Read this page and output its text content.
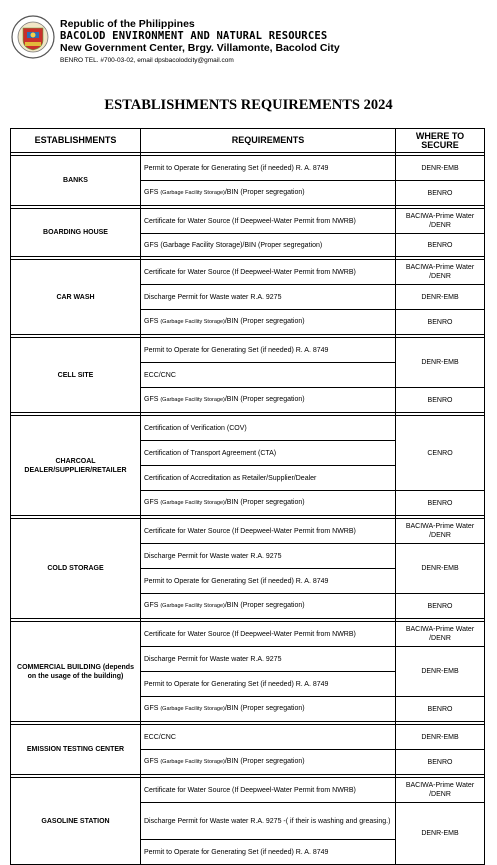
Republic of the Philippines
BACOLOD ENVIRONMENT AND NATURAL RESOURCES
New Government Center, Brgy. Villamonte, Bacolod City
BENRO TEL. #700-03-02, email dpsbacolodcity@gmail.com
ESTABLISHMENTS REQUIREMENTS 2024
ESTABLISHMENTS	REQUIREMENTS	WHERE TO SECURE

BANKS	Permit to Operate for Generating Set (if needed) R. A. 8749	DENR-EMB
	GFS (Garbage Facility Storage)/BIN (Proper segregation)	BENRO

BOARDING HOUSE	Certificate for Water Source (If Deepweel-Water Permit from NWRB)	BACIWA-Prime Water /DENR
	GFS (Garbage Facility Storage)/BIN (Proper segregation)	BENRO

CAR WASH	Certificate for Water Source (If Deepweel-Water Permit from NWRB)	BACIWA-Prime Water /DENR
	Discharge Permit for Waste water R.A. 9275	DENR-EMB
	GFS (Garbage Facility Storage)/BIN (Proper segregation)	BENRO

CELL SITE	Permit to Operate for Generating Set (if needed) R. A. 8749	DENR-EMB
	ECC/CNC	
	GFS (Garbage Facility Storage)/BIN (Proper segregation)	BENRO

CHARCOAL DEALER/SUPPLIER/RETAILER	Certification of Verification (COV)	CENRO
	Certification of Transport Agreement (CTA)	
	Certification of Accreditation as Retailer/Supplier/Dealer	
	GFS (Garbage Facility Storage)/BIN (Proper segregation)	BENRO

COLD STORAGE	Certificate for Water Source (If Deepweel-Water Permit from NWRB)	BACIWA-Prime Water /DENR
	Discharge Permit for Waste water R.A. 9275	DENR-EMB
	Permit to Operate for Generating Set (if needed) R. A. 8749	
	GFS (Garbage Facility Storage)/BIN (Proper segregation)	BENRO

COMMERCIAL BUILDING (depends on the usage of the building)	Certificate for Water Source (If Deepweel-Water Permit from NWRB)	BACIWA-Prime Water /DENR
	Discharge Permit for Waste water R.A. 9275	DENR-EMB
	Permit to Operate for Generating Set (if needed) R. A. 8749	
	GFS (Garbage Facility Storage)/BIN (Proper segregation)	BENRO

EMISSION TESTING CENTER	ECC/CNC	DENR-EMB
	GFS (Garbage Facility Storage)/BIN (Proper segregation)	BENRO

GASOLINE STATION	Certificate for Water Source (If Deepweel-Water Permit from NWRB)	BACIWA-Prime Water /DENR
	Discharge Permit for Waste water R.A. 9275 -( if their is washing and greasing.)	DENR-EMB
	Permit to Operate for Generating Set (if needed) R. A. 8749	
